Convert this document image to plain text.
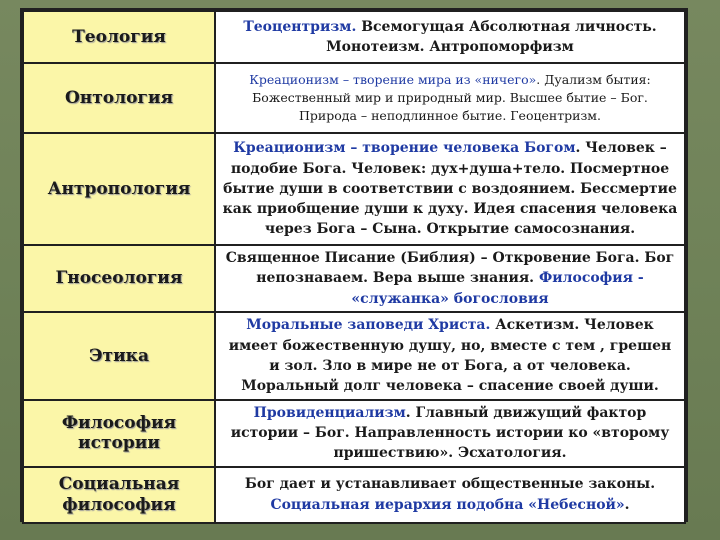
Теология	Теоцентризм. Всемогущая Абсолютная личность. Монотеизм. Антропоморфизм
Онтология	Креационизм – творение мира из «ничего». Дуализм бытия: Божественный мир и природный мир. Высшее бытие – Бог. Природа – неподлинное бытие. Геоцентризм.
Антропология	Креационизм – творение человека Богом. Человек – подобие Бога. Человек: дух+душа+тело. Посмертное бытие души в соответствии с воздоянием. Бессмертие как приобщение души к духу. Идея спасения человека через Бога – Сына. Открытие самосознания.
Гносеология	Священное Писание (Библия) – Откровение Бога. Бог непознаваем. Вера выше знания. Философия - «служанка» богословия
Этика	Моральные заповеди Христа. Аскетизм. Человек имеет божественную душу, но, вместе с тем , грешен и зол. Зло в мире не от Бога, а от человека. Моральный долг человека – спасение своей души.
Философия истории	Провиденциализм. Главный движущий фактор истории – Бог. Направленность истории ко «второму пришествию». Эсхатология.
Социальная философия	Бог дает и устанавливает общественные законы. Социальная иерархия подобна «Небесной».
